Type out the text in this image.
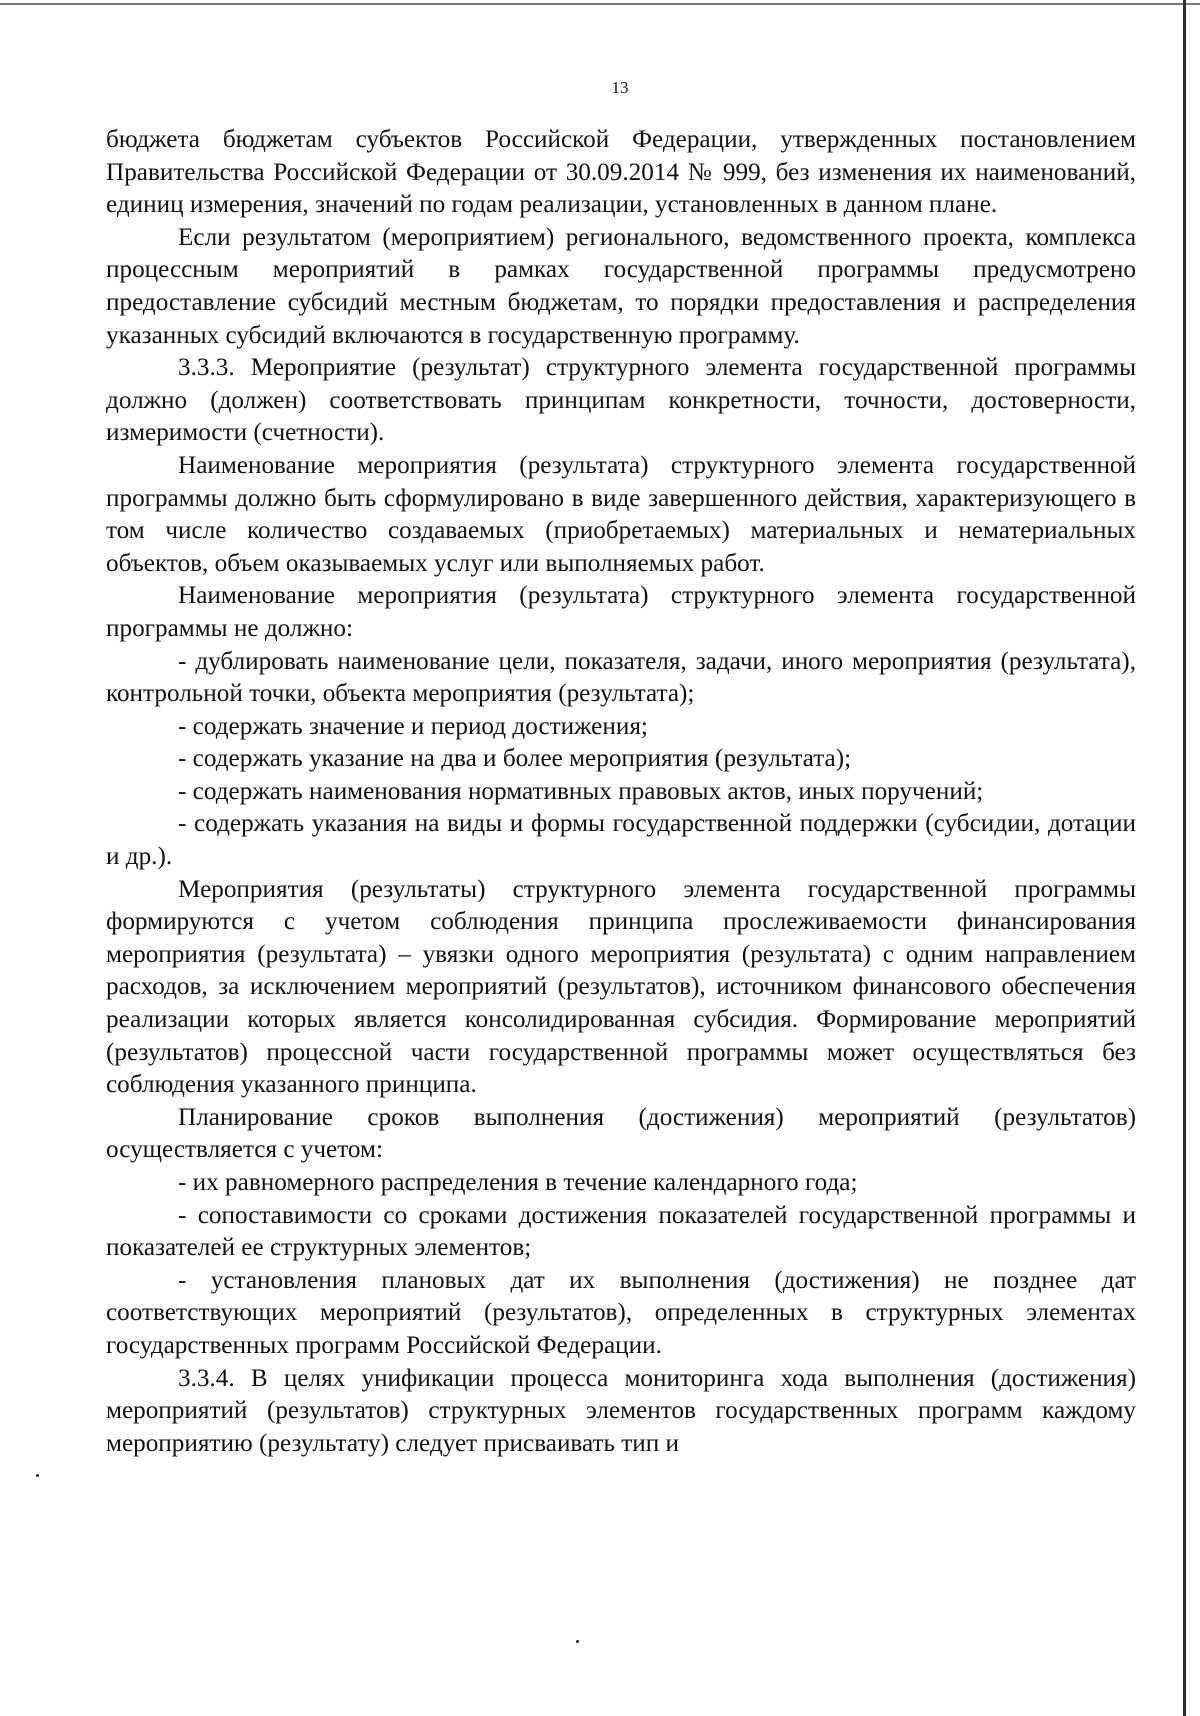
13

бюджета бюджетам субъектов Российской Федерации, утвержденных постановлением Правительства Российской Федерации от 30.09.2014 № 999, без изменения их наименований, единиц измерения, значений по годам реализации, установленных в данном плане.

Если результатом (мероприятием) регионального, ведомственного проекта, комплекса процессным мероприятий в рамках государственной программы предусмотрено предоставление субсидий местным бюджетам, то порядки предоставления и распределения указанных субсидий включаются в государственную программу.

3.3.3. Мероприятие (результат) структурного элемента государственной программы должно (должен) соответствовать принципам конкретности, точности, достоверности, измеримости (счетности).

Наименование мероприятия (результата) структурного элемента государственной программы должно быть сформулировано в виде завершенного действия, характеризующего в том числе количество создаваемых (приобретаемых) материальных и нематериальных объектов, объем оказываемых услуг или выполняемых работ.

Наименование мероприятия (результата) структурного элемента государственной программы не должно:

- дублировать наименование цели, показателя, задачи, иного мероприятия (результата), контрольной точки, объекта мероприятия (результата);

- содержать значение и период достижения;

- содержать указание на два и более мероприятия (результата);

- содержать наименования нормативных правовых актов, иных поручений;

- содержать указания на виды и формы государственной поддержки (субсидии, дотации и др.).

Мероприятия (результаты) структурного элемента государственной программы формируются с учетом соблюдения принципа прослеживаемости финансирования мероприятия (результата) – увязки одного мероприятия (результата) с одним направлением расходов, за исключением мероприятий (результатов), источником финансового обеспечения реализации которых является консолидированная субсидия. Формирование мероприятий (результатов) процессной части государственной программы может осуществляться без соблюдения указанного принципа.

Планирование сроков выполнения (достижения) мероприятий (результатов) осуществляется с учетом:

- их равномерного распределения в течение календарного года;

- сопоставимости со сроками достижения показателей государственной программы и показателей ее структурных элементов;

- установления плановых дат их выполнения (достижения) не позднее дат соответствующих мероприятий (результатов), определенных в структурных элементах государственных программ Российской Федерации.

3.3.4. В целях унификации процесса мониторинга хода выполнения (достижения) мероприятий (результатов) структурных элементов государственных программ каждому мероприятию (результату) следует присваивать тип и
